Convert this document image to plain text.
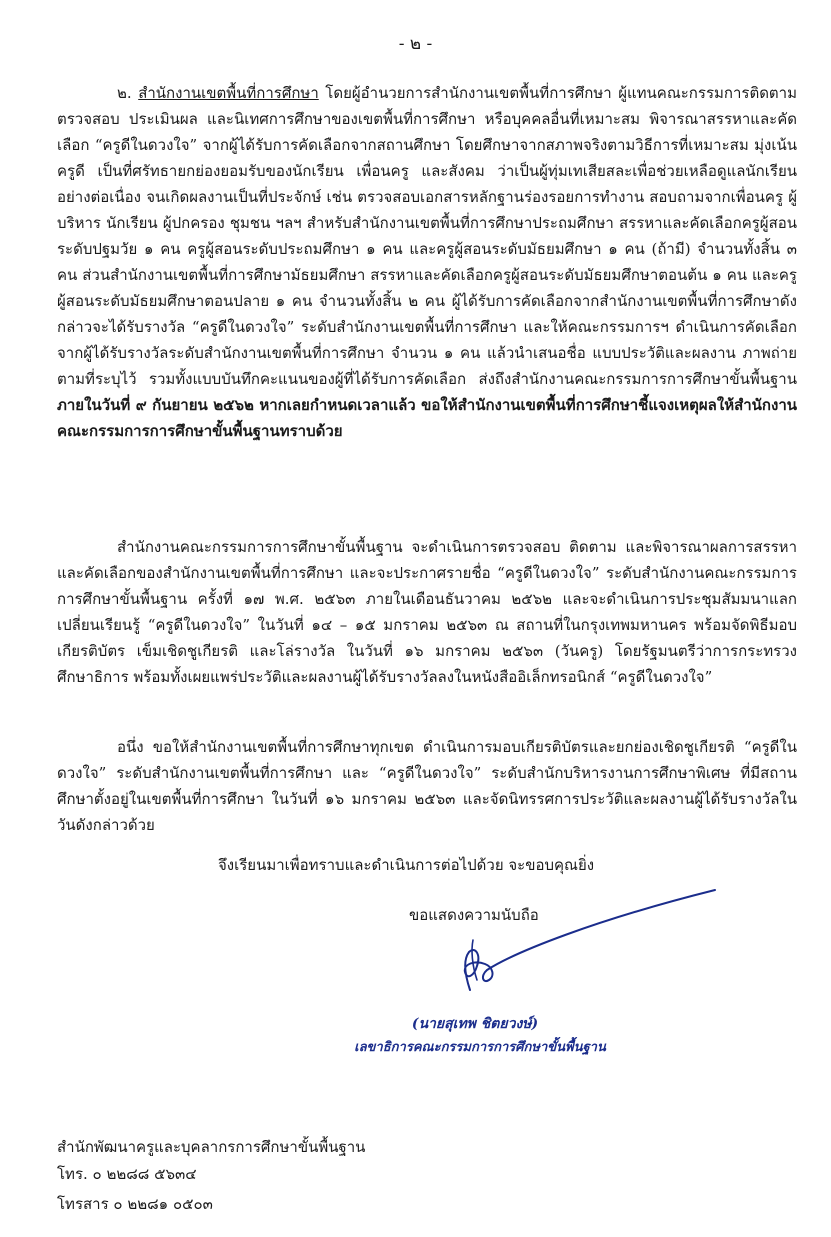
- ๒ -

๒. สำนักงานเขตพื้นที่การศึกษา โดยผู้อำนวยการสำนักงานเขตพื้นที่การศึกษา ผู้แทนคณะกรรมการติดตาม ตรวจสอบ ประเมินผล และนิเทศการศึกษาของเขตพื้นที่การศึกษา หรือบุคคลอื่นที่เหมาะสม พิจารณาสรรหาและคัดเลือก “ครูดีในดวงใจ” จากผู้ได้รับการคัดเลือกจากสถานศึกษา โดยศึกษาจากสภาพจริงตามวิธีการที่เหมาะสม มุ่งเน้นครูดี เป็นที่ศรัทธายกย่องยอมรับของนักเรียน เพื่อนครู และสังคม ว่าเป็นผู้ทุ่มเทเสียสละเพื่อช่วยเหลือดูแลนักเรียนอย่างต่อเนื่อง จนเกิดผลงานเป็นที่ประจักษ์ เช่น ตรวจสอบเอกสารหลักฐานร่องรอยการทำงาน สอบถามจากเพื่อนครู ผู้บริหาร นักเรียน ผู้ปกครอง ชุมชน ฯลฯ สำหรับสำนักงานเขตพื้นที่การศึกษาประถมศึกษา สรรหาและคัดเลือกครูผู้สอนระดับปฐมวัย ๑ คน ครูผู้สอนระดับประถมศึกษา ๑ คน และครูผู้สอนระดับมัธยมศึกษา ๑ คน (ถ้ามี) จำนวนทั้งสิ้น ๓ คน ส่วนสำนักงานเขตพื้นที่การศึกษามัธยมศึกษา สรรหาและคัดเลือกครูผู้สอนระดับมัธยมศึกษาตอนต้น ๑ คน และครูผู้สอนระดับมัธยมศึกษาตอนปลาย ๑ คน จำนวนทั้งสิ้น ๒ คน ผู้ได้รับการคัดเลือกจากสำนักงานเขตพื้นที่การศึกษาดังกล่าวจะได้รับรางวัล “ครูดีในดวงใจ” ระดับสำนักงานเขตพื้นที่การศึกษา และให้คณะกรรมการฯ ดำเนินการคัดเลือกจากผู้ได้รับรางวัลระดับสำนักงานเขตพื้นที่การศึกษา จำนวน ๑ คน แล้วนำเสนอชื่อ แบบประวัติและผลงาน ภาพถ่าย ตามที่ระบุไว้ รวมทั้งแบบบันทึกคะแนนของผู้ที่ได้รับการคัดเลือก ส่งถึงสำนักงานคณะกรรมการการศึกษาขั้นพื้นฐาน ภายในวันที่ ๙ กันยายน ๒๕๖๒ หากเลยกำหนดเวลาแล้ว ขอให้สำนักงานเขตพื้นที่การศึกษาชี้แจงเหตุผลให้สำนักงานคณะกรรมการการศึกษาขั้นพื้นฐานทราบด้วย

สำนักงานคณะกรรมการการศึกษาขั้นพื้นฐาน จะดำเนินการตรวจสอบ ติดตาม และพิจารณาผลการสรรหาและคัดเลือกของสำนักงานเขตพื้นที่การศึกษา และจะประกาศรายชื่อ “ครูดีในดวงใจ” ระดับสำนักงานคณะกรรมการการศึกษาขั้นพื้นฐาน ครั้งที่ ๑๗ พ.ศ. ๒๕๖๓ ภายในเดือนธันวาคม ๒๕๖๒ และจะดำเนินการประชุมสัมมนาแลกเปลี่ยนเรียนรู้ “ครูดีในดวงใจ” ในวันที่ ๑๔ – ๑๕ มกราคม ๒๕๖๓ ณ สถานที่ในกรุงเทพมหานคร พร้อมจัดพิธีมอบเกียรติบัตร เข็มเชิดชูเกียรติ และโล่รางวัล ในวันที่ ๑๖ มกราคม ๒๕๖๓ (วันครู) โดยรัฐมนตรีว่าการกระทรวงศึกษาธิการ พร้อมทั้งเผยแพร่ประวัติและผลงานผู้ได้รับรางวัลลงในหนังสืออิเล็กทรอนิกส์ “ครูดีในดวงใจ”

อนึ่ง ขอให้สำนักงานเขตพื้นที่การศึกษาทุกเขต ดำเนินการมอบเกียรติบัตรและยกย่องเชิดชูเกียรติ “ครูดีในดวงใจ” ระดับสำนักงานเขตพื้นที่การศึกษา และ “ครูดีในดวงใจ” ระดับสำนักบริหารงานการศึกษาพิเศษ ที่มีสถานศึกษาตั้งอยู่ในเขตพื้นที่การศึกษา ในวันที่ ๑๖ มกราคม ๒๕๖๓ และจัดนิทรรศการประวัติและผลงานผู้ได้รับรางวัลในวันดังกล่าวด้วย

จึงเรียนมาเพื่อทราบและดำเนินการต่อไปด้วย จะขอบคุณยิ่ง
ขอแสดงความนับถือ
(นายสุเทพ ชิตยวงษ์)
เลขาธิการคณะกรรมการการศึกษาขั้นพื้นฐาน
สำนักพัฒนาครูและบุคลากรการศึกษาขั้นพื้นฐาน
โทร. ๐ ๒๒๘๘ ๕๖๓๔
โทรสาร ๐ ๒๒๘๑ ๐๕๐๓
